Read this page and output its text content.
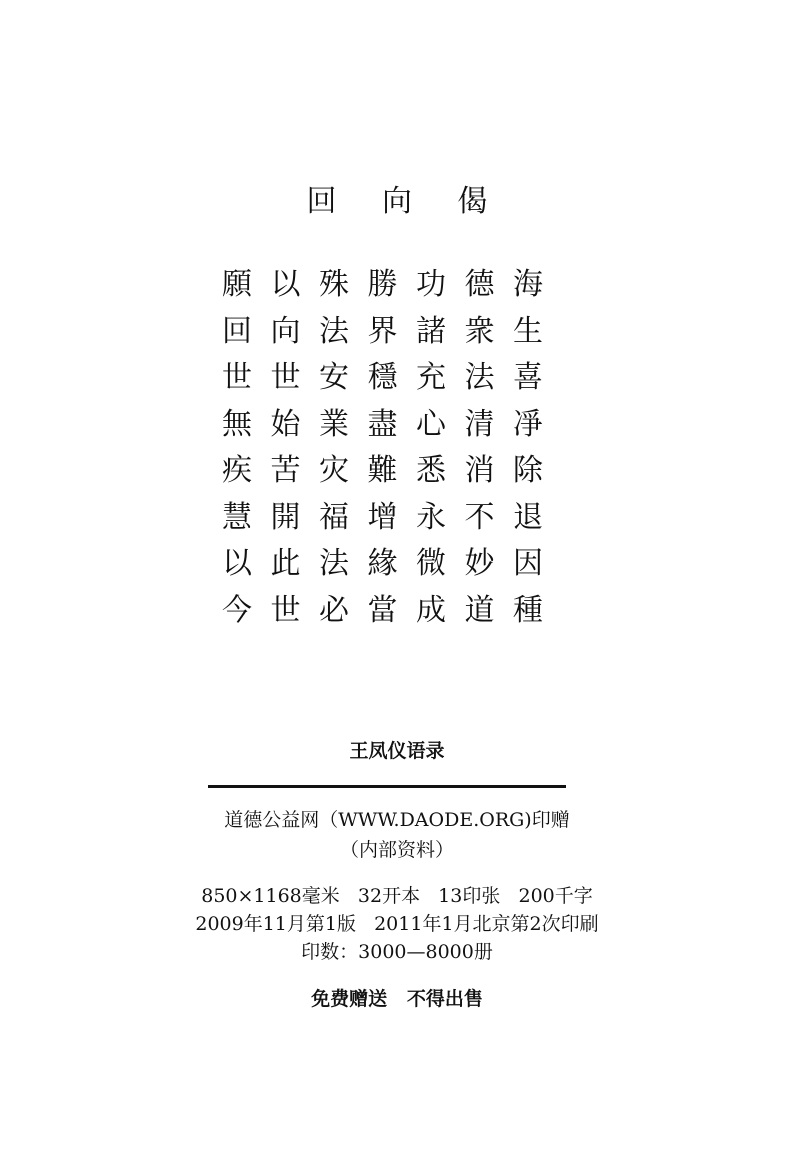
回 向 偈
願 以 殊 勝 功 德 海
回 向 法 界 諸 衆 生
世 世 安 穩 充 法 喜
無 始 業 盡 心 清 凈
疾 苦 灾 難 悉 消 除
慧 開 福 增 永 不 退
以 此 法 緣 微 妙 因
今 世 必 當 成 道 種
王凤仪语录
道德公益网（WWW.DAODE.ORG)印赠
（内部资料）
850×1168毫米   32开本   13印张   200千字
2009年11月第1版   2011年1月北京第2次印刷
印数：3000—8000册
免费赠送   不得出售
